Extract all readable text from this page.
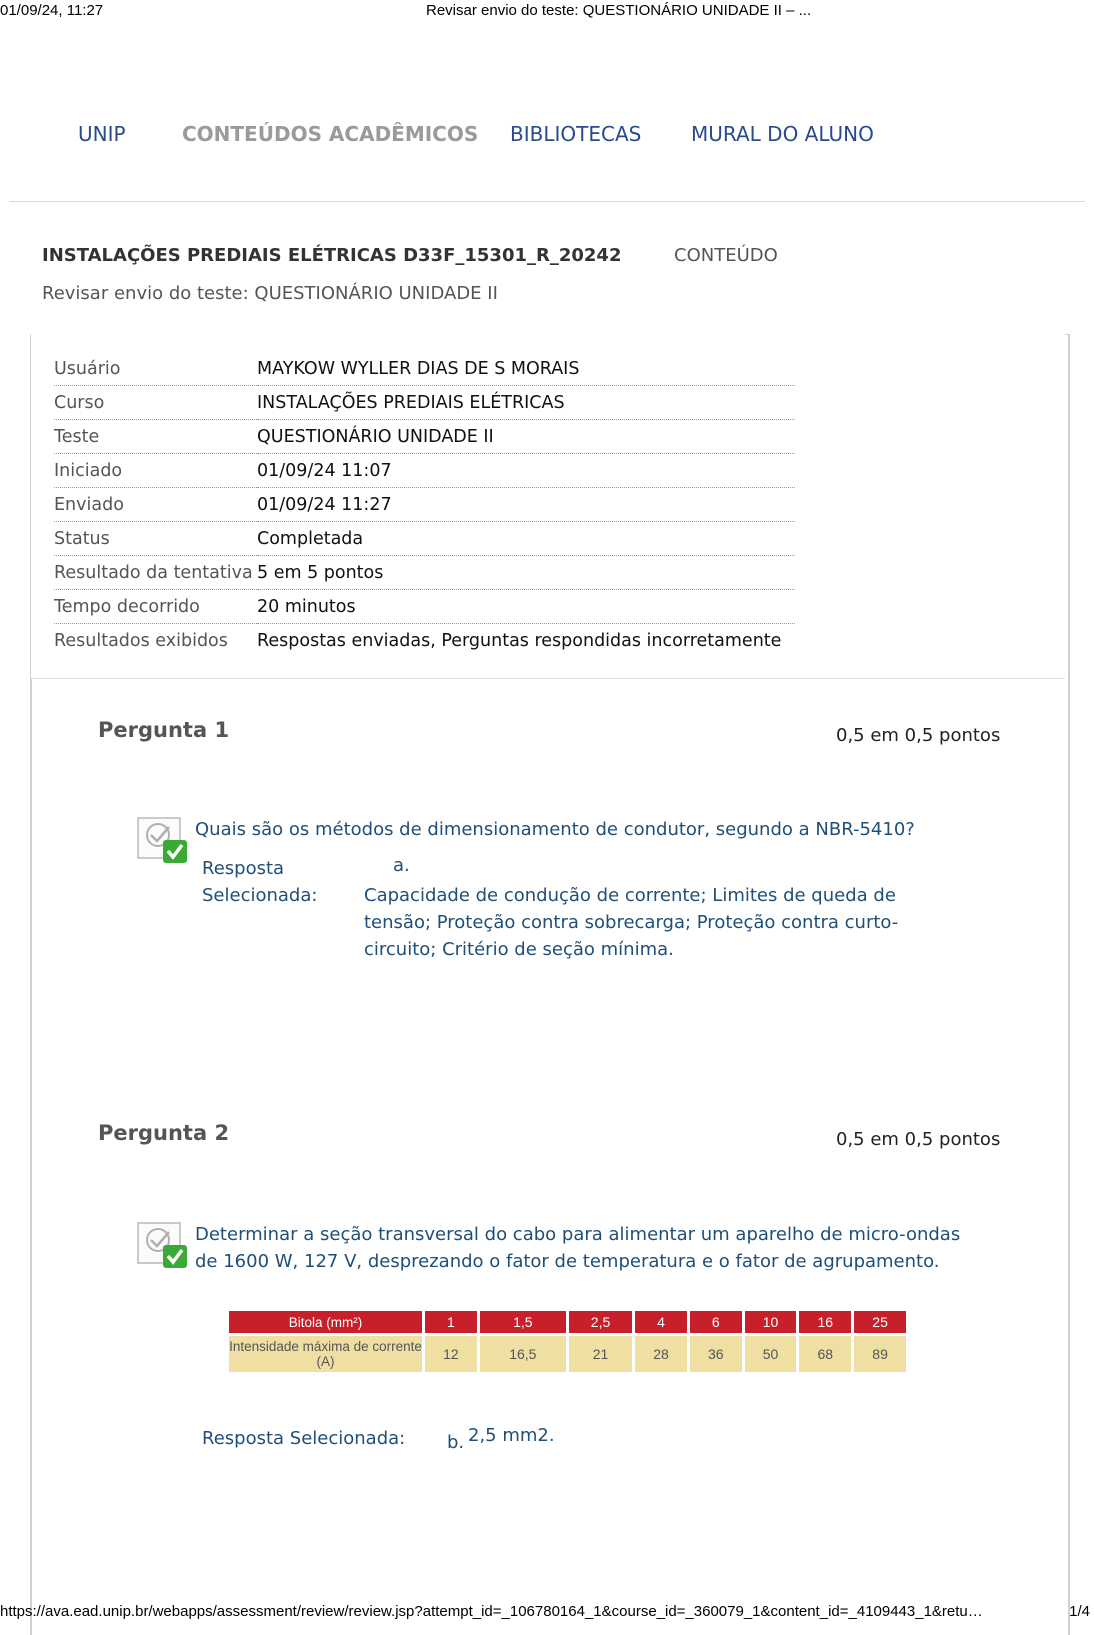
01/09/24, 11:27	Revisar envio do teste: QUESTIONÁRIO UNIDADE II – ...
UNIP	CONTEÚDOS ACADÊMICOS BIBLIOTECAS MURAL DO ALUNO
INSTALAÇÕES PREDIAIS ELÉTRICAS D33F_15301_R_20242	CONTEÚDO
Revisar envio do teste: QUESTIONÁRIO UNIDADE II
Usuário	MAYKOW WYLLER DIAS DE S MORAIS
Curso	INSTALAÇÕES PREDIAIS ELÉTRICAS
Teste	QUESTIONÁRIO UNIDADE II
Iniciado	01/09/24 11:07
Enviado	01/09/24 11:27
Status	Completada
Resultado da tentativa	5 em 5 pontos
Tempo decorrido	20 minutos
Resultados exibidos	Respostas enviadas, Perguntas respondidas incorretamente
Pergunta 1	0,5 em 0,5 pontos
Quais são os métodos de dimensionamento de condutor, segundo a NBR-5410?
Resposta
Selecionada:
a.
Capacidade de condução de corrente; Limites de queda de tensão; Proteção contra sobrecarga; Proteção contra curto-circuito; Critério de seção mínima.
Pergunta 2	0,5 em 0,5 pontos
Determinar a seção transversal do cabo para alimentar um aparelho de micro-ondas de 1600 W, 127 V, desprezando o fator de temperatura e o fator de agrupamento.
Bitola (mm²)	1	1,5	2,5	4	6	10	16	25
Intensidade máxima de corrente (A)	12	16,5	21	28	36	50	68	89
Resposta Selecionada: b. 2,5 mm2.
https://ava.ead.unip.br/webapps/assessment/review/review.jsp?attempt_id=_106780164_1&course_id=_360079_1&content_id=_4109443_1&retu…	1/4
